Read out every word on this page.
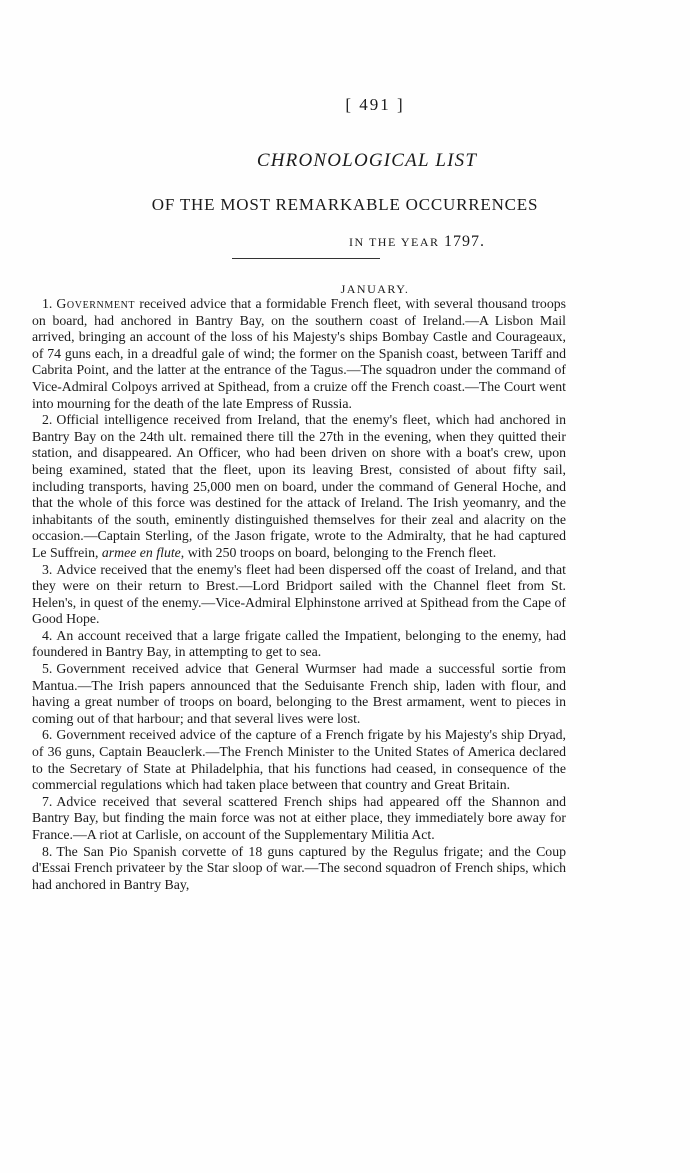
[ 491 ]
CHRONOLOGICAL LIST
OF THE MOST REMARKABLE OCCURRENCES
IN THE YEAR 1797.
JANUARY.

1. Government received advice that a formidable French fleet, with several thousand troops on board, had anchored in Bantry Bay, on the southern coast of Ireland.—A Lisbon Mail arrived, bringing an account of the loss of his Majesty's ships Bombay Castle and Courageaux, of 74 guns each, in a dreadful gale of wind; the former on the Spanish coast, between Tariff and Cabrita Point, and the latter at the entrance of the Tagus.—The squadron under the command of Vice-Admiral Colpoys arrived at Spithead, from a cruize off the French coast.—The Court went into mourning for the death of the late Empress of Russia.

2. Official intelligence received from Ireland, that the enemy's fleet, which had anchored in Bantry Bay on the 24th ult. remained there till the 27th in the evening, when they quitted their station, and disappeared. An Officer, who had been driven on shore with a boat's crew, upon being examined, stated that the fleet, upon its leaving Brest, consisted of about fifty sail, including transports, having 25,000 men on board, under the command of General Hoche, and that the whole of this force was destined for the attack of Ireland. The Irish yeomanry, and the inhabitants of the south, eminently distinguished themselves for their zeal and alacrity on the occasion.—Captain Sterling, of the Jason frigate, wrote to the Admiralty, that he had captured Le Suffrein, armee en flute, with 250 troops on board, belonging to the French fleet.

3. Advice received that the enemy's fleet had been dispersed off the coast of Ireland, and that they were on their return to Brest.—Lord Bridport sailed with the Channel fleet from St. Helen's, in quest of the enemy.—Vice-Admiral Elphinstone arrived at Spithead from the Cape of Good Hope.

4. An account received that a large frigate called the Impatient, belonging to the enemy, had foundered in Bantry Bay, in attempting to get to sea.

5. Government received advice that General Wurmser had made a successful sortie from Mantua.—The Irish papers announced that the Seduisante French ship, laden with flour, and having a great number of troops on board, belonging to the Brest armament, went to pieces in coming out of that harbour; and that several lives were lost.

6. Government received advice of the capture of a French frigate by his Majesty's ship Dryad, of 36 guns, Captain Beauclerk.—The French Minister to the United States of America declared to the Secretary of State at Philadelphia, that his functions had ceased, in consequence of the commercial regulations which had taken place between that country and Great Britain.

7. Advice received that several scattered French ships had appeared off the Shannon and Bantry Bay, but finding the main force was not at either place, they immediately bore away for France.—A riot at Carlisle, on account of the Supplementary Militia Act.

8. The San Pio Spanish corvette of 18 guns captured by the Regulus frigate; and the Coup d'Essai French privateer by the Star sloop of war.—The second squadron of French ships, which had anchored in Bantry Bay,
